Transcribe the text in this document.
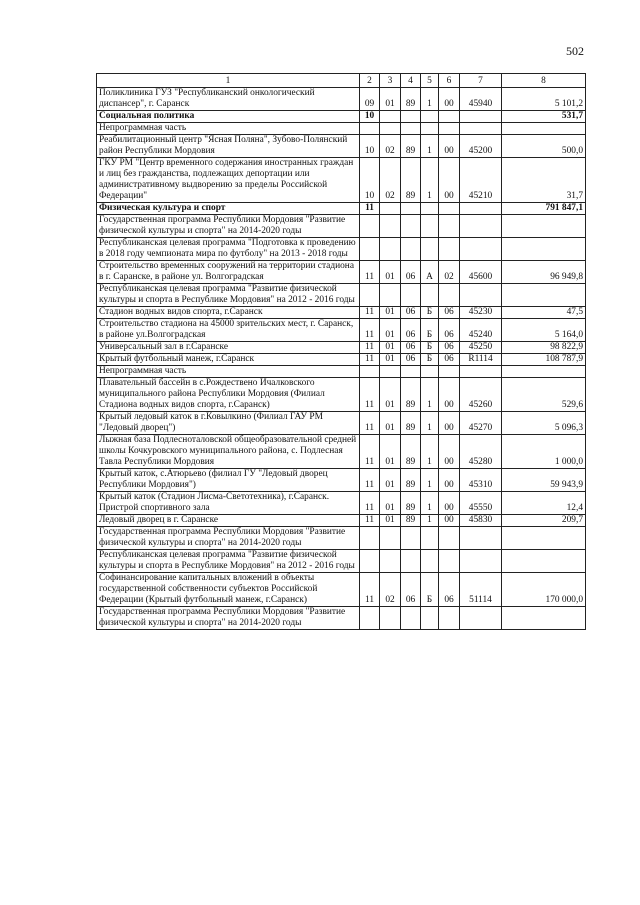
502
1	2	3	4	5	6	7	8
Поликлиника ГУЗ "Республиканский онкологический диспансер", г. Саранск	09	01	89	1	00	45940	5 101,2
Социальная политика	10						531,7
Непрограммная часть							
Реабилитационный центр "Ясная Поляна", Зубово-Полянский район Республики Мордовия	10	02	89	1	00	45200	500,0
ГКУ РМ "Центр временного содержания иностранных граждан и лиц без гражданства, подлежащих депортации или административному выдворению за пределы Российской Федерации"	10	02	89	1	00	45210	31,7
Физическая культура и спорт	11						791 847,1
Государственная программа Республики Мордовия "Развитие физической культуры и спорта" на 2014-2020 годы							
Республиканская целевая программа "Подготовка к проведению в 2018 году чемпионата мира по футболу" на 2013 - 2018 годы							
Строительство временных сооружений на территории стадиона в г. Саранске, в районе ул. Волгоградская	11	01	06	А	02	45600	96 949,8
Республиканская целевая программа "Развитие физической культуры и спорта в Республике Мордовия" на 2012 - 2016 годы							
Стадион водных видов спорта, г.Саранск	11	01	06	Б	06	45230	47,5
Строительство стадиона на 45000 зрительских мест, г. Саранск, в районе ул.Волгоградская	11	01	06	Б	06	45240	5 164,0
Универсальный зал в г.Саранске	11	01	06	Б	06	45250	98 822,9
Крытый футбольный манеж, г.Саранск	11	01	06	Б	06	R1114	108 787,9
Непрограммная часть							
Плавательный бассейн в с.Рождествено Ичалковского муниципального района Республики Мордовия (Филиал Стадиона водных видов спорта, г.Саранск)	11	01	89	1	00	45260	529,6
Крытый ледовый каток в г.Ковылкино (Филиал ГАУ РМ "Ледовый дворец")	11	01	89	1	00	45270	5 096,3
Лыжная база Подлесноталовской общеобразовательной средней школы Кочкуровского муниципального района, с. Подлесная Тавла Республики Мордовия	11	01	89	1	00	45280	1 000,0
Крытый каток, с.Атюрьево (филиал ГУ "Ледовый дворец Республики Мордовия")	11	01	89	1	00	45310	59 943,9
Крытый каток (Стадион Лисма-Светотехника), г.Саранск. Пристрой спортивного зала	11	01	89	1	00	45550	12,4
Ледовый дворец в г. Саранске	11	01	89	1	00	45830	209,7
Государственная программа Республики Мордовия "Развитие физической культуры и спорта" на 2014-2020 годы							
Республиканская целевая программа "Развитие физической культуры и спорта в Республике Мордовия" на 2012 - 2016 годы							
Софинансирование капитальных вложений в объекты государственной собственности субъектов Российской Федерации (Крытый футбольный манеж, г.Саранск)	11	02	06	Б	06	51114	170 000,0
Государственная программа Республики Мордовия "Развитие физической культуры и спорта" на 2014-2020 годы							
